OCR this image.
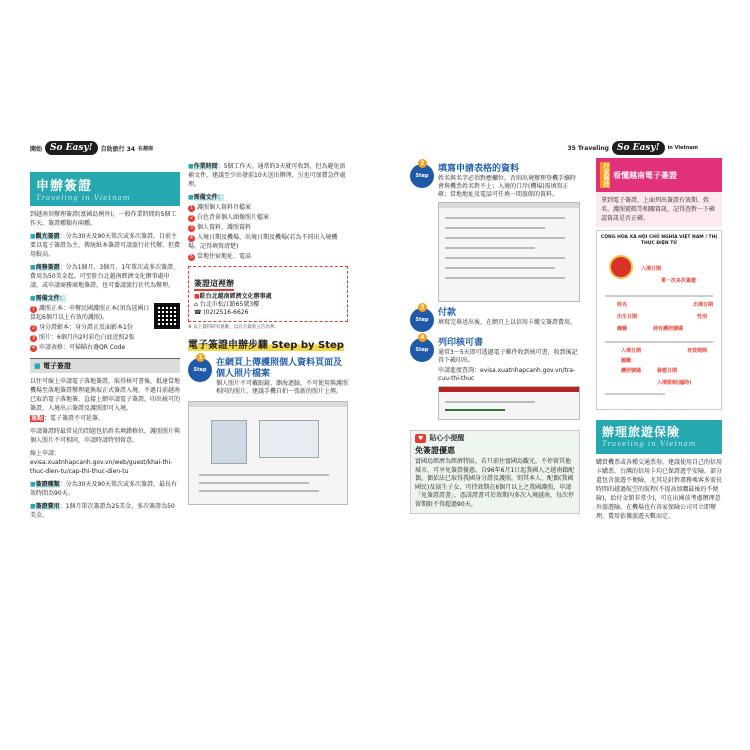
開始 So Easy!	自助旅行 34 在越南	35 Traveling So Easy!	in Vietnam
申辦簽證
Traveling in Vietnam

到越南須辦理簽證(富國島例外)，一般作業時間約5個工作天，簽證種類有兩種。

■觀光簽證：分為30天及90天單次或多次簽證。目前主要以電子簽證為主，傳統紙本簽證可請旅行社代辦，但費用較高。

■商務簽證：分為1個月、3個月、1年單次或多次簽證，費用為50美金起。可至駐台北越南經濟文化辦事處申請，或申請商務商地簽證，也可委請旅行社代為辦理。

■需備文件：

1 護照正本：申辦民國護照正本(須為返國日算起6個月以上有效的護照)。

2 身分證影本：身分證正反面影本1份

3 照片：6個月內2吋彩色白底近照2張

4 申請表格：可掃瞄右邊QR Code

■ 電子簽證

以往可線上申請電子落地簽證，取得核可書後，抵達當地機場至落地簽證辦理處換取正式簽證入境，不過目前越南已取消電子落地簽，直接上網申請電子簽證，印出核可的簽證，入境出示簽證及護照即可入境。

重點：電子簽證不可延簽。

申請簽證時最常見的問題包括姓名填錯格位，護照照片與個人照片不可相同，申請時請特別留意。

線上申請：evisa.xuatnhapcanh.gov.vn/web/guest/khai-thi-thuc-dien-tu/cap-thi-thuc-dien-tu

■簽證種類：分為30天及90天單次或多次簽證。最長有效時間為90天。

■簽證費用：1個月單次簽證為25美金，多次簽證為50美金。

■作業時間：5個工作天。通常約3天就可收到，但為避免需補文件，建議至少出發前10天送出辦理，另也可加費急件處理。

■需備文件：

1 護照個人資料頁檔案

2 白色背景個人頭像照片檔案

3 個人資料、護照資料

4 入境日期及機場、出境日期及機場(若為不同出入境機場，記得填寫清楚)

5 當地住宿地址、電話

簽證這裡辦
■駐台北越南經濟文化辦事處
⌂ 台北市松江路65號3樓
☎ (02)2516-6626
※ 以上資料時有異動，以官方最新公告為準。
電子簽證申辦步驟 Step by Step
Step
1
在網頁上傳護照個人資料頁面及個人照片檔案
個人照片不可戴眼鏡、瀏海遮臉，不可使用與護照相同的照片，建議手機自拍一張新的照片上傳。
Step
2
填寫申請表格的資料
姓名與名字必須對應欄位，否則出境辦理登機手續時會與機票姓名對不上；入境的口岸(機場)需填寫正確；當地地址及電話可任填一間旅館的資料。
Step
3
付款
填寫完畢送出後，在網頁上以信用卡繳交簽證費用。
Step
4
列印核可書
通常3～5天即可透過電子郵件收到核可書，收到後記得下載印出。
申請進度查詢：evisa.xuatnhapcanh.gov.vn/tra-cuu-thi-thuc
♥ 貼心小提醒
免簽證優惠
富國島經濟為經濟特區，若只前往富國島觀光，不停留其他城市，可享免簽證優惠。自96年6月1日起我國人之越南籍配偶，偶依法已取得我國身分證及護照，則其本人、配偶(我國國民)及協生子女，可持效期在6個月以上之我國護照，申請「免簽證證書」，憑該證書可於效期內多次入境越南，每次停留期限不得超過90天。
行家秘技 看懂越南電子簽證
拿到電子簽證，上面列出簽證有效期、姓名、護照號碼等相關資訊，記得查對一下確認資訊是否正確。
CỘNG HÒA XÃ HỘI CHỦ NGHĨA VIỆT NAM / THỊ THỰC ĐIỆN TỬ
入境日期
單一次多次簽證
姓名
出生日期
國籍	持有護照號碼
出境日期
性別
入境日期	有效期間
國籍
護照號碼	發證日期
入境限制(臨時)
辦理旅遊保險
Traveling in Vietnam

購買機票或各種交通票券，建議使用自己的信用卡購票，台灣的信用卡均已保證遊乎安險。部分還包含旅遊不便險，尤其是針對盡務乘客多需長時間的越過航空的航程(不提高加購最後的不便險)，給付金額非常少)，可在出國前考慮辦理意外旅遊險。在機場也有各家保險公司可立即辦理，費用依據旅遊天數而定。
